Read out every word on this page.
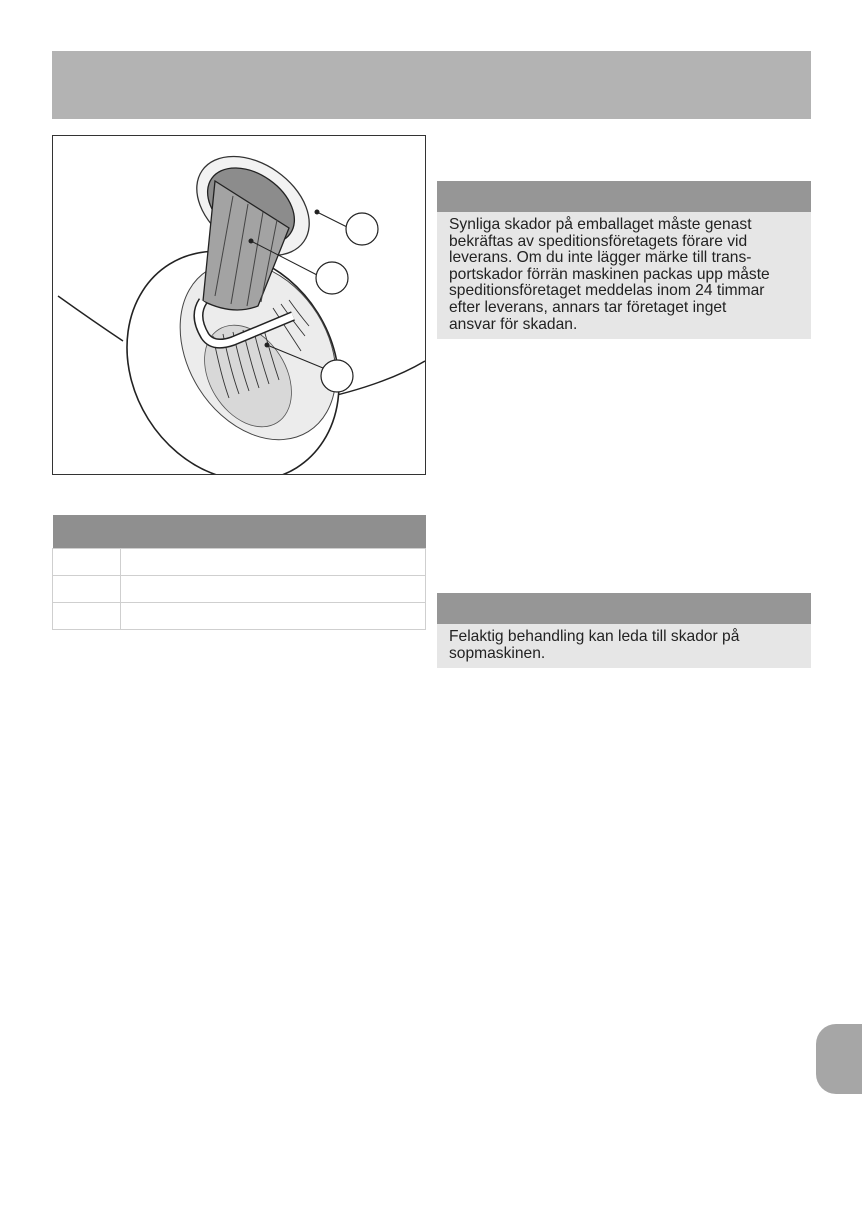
Synliga skador på emballaget måste genast
bekräftas av speditionsföretagets förare vid
leverans. Om du inte lägger märke till trans-
portskador förrän maskinen packas upp måste
speditionsföretaget meddelas inom 24 timmar
efter leverans, annars tar företaget inget
ansvar för skadan.
Felaktig behandling kan leda till skador på
sopmaskinen.
